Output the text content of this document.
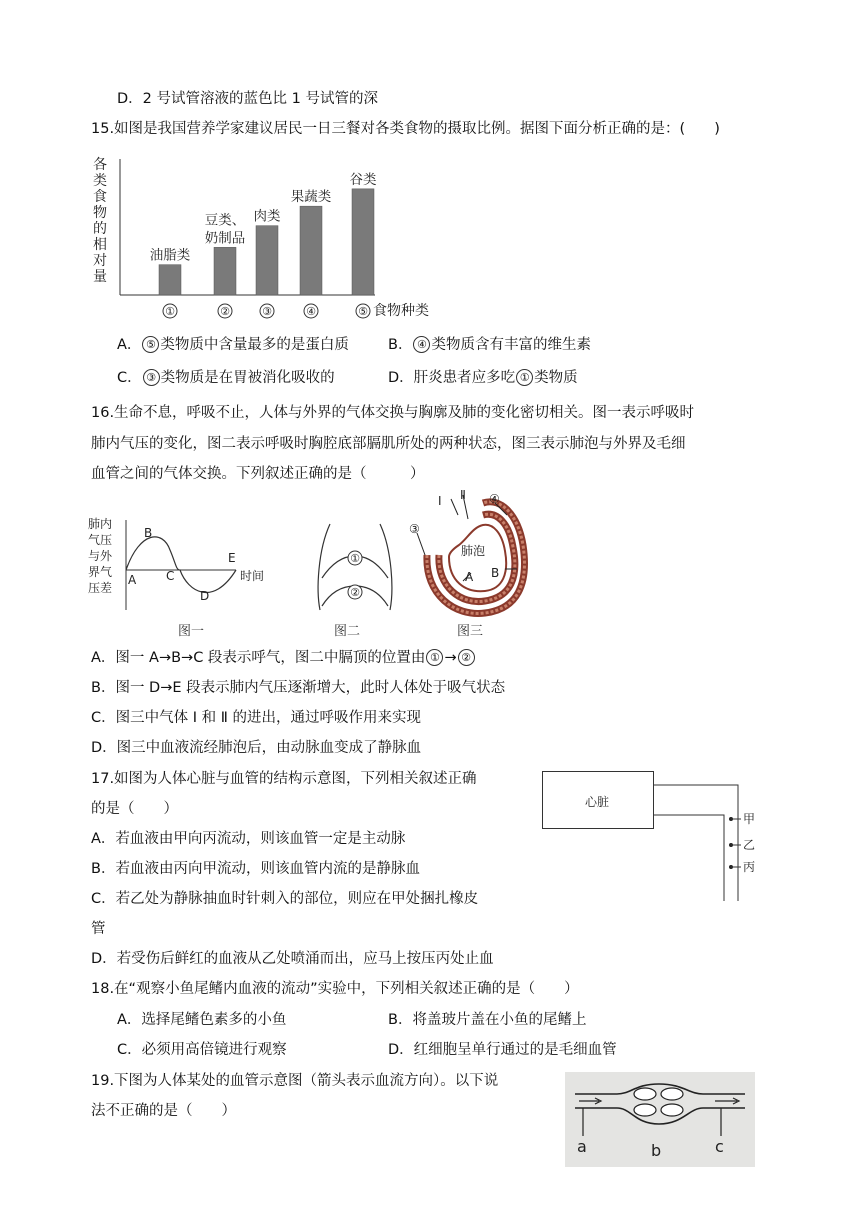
D．2 号试管溶液的蓝色比 1 号试管的深
15.如图是我国营养学家建议居民一日三餐对各类食物的摄取比例。据图下面分析正确的是：(　　)
各
类
食
物
的
相
对
量
油脂类
①
豆类、
奶制品
②
肉类
③
果蔬类
④
谷类
⑤ 食物种类
A． ⑤ 类物质中含量最多的是蛋白质	B． ④ 类物质含有丰富的维生素
C． ③ 类物质是在胃被消化吸收的	D．肝炎患者应多吃 ① 类物质
16.生命不息，呼吸不止，人体与外界的气体交换与胸廓及肺的变化密切相关。图一表示呼吸时
肺内气压的变化，图二表示呼吸时胸腔底部膈肌所处的两种状态，图三表示肺泡与外界及毛细
血管之间的气体交换。下列叙述正确的是（　　　）
肺内
气压
与外
界气
压差
A
B
C
D
E
时间
图一
①
②
图二
Ⅰ Ⅱ
③
④
肺泡
A B
图三
A．图一 A→B→C 段表示呼气，图二中膈顶的位置由 ① → ②
B．图一 D→E 段表示肺内气压逐渐增大，此时人体处于吸气状态
C．图三中气体 Ⅰ 和 Ⅱ 的进出，通过呼吸作用来实现
D．图三中血液流经肺泡后，由动脉血变成了静脉血
17.如图为人体心脏与血管的结构示意图，下列相关叙述正确
的是（　　）	心脏
甲
乙
丙
A．若血液由甲向丙流动，则该血管一定是主动脉
B．若血液由丙向甲流动，则该血管内流的是静脉血
C．若乙处为静脉抽血时针刺入的部位，则应在甲处捆扎橡皮
管
D．若受伤后鲜红的血液从乙处喷涌而出，应马上按压丙处止血
18.在“观察小鱼尾鳍内血液的流动”实验中，下列相关叙述正确的是（　　）
A．选择尾鳍色素多的小鱼	B．将盖玻片盖在小鱼的尾鳍上
C．必须用高倍镜进行观察	D．红细胞呈单行通过的是毛细血管
19.下图为人体某处的血管示意图（箭头表示血流方向）。以下说
法不正确的是（　　）
a	b	c
